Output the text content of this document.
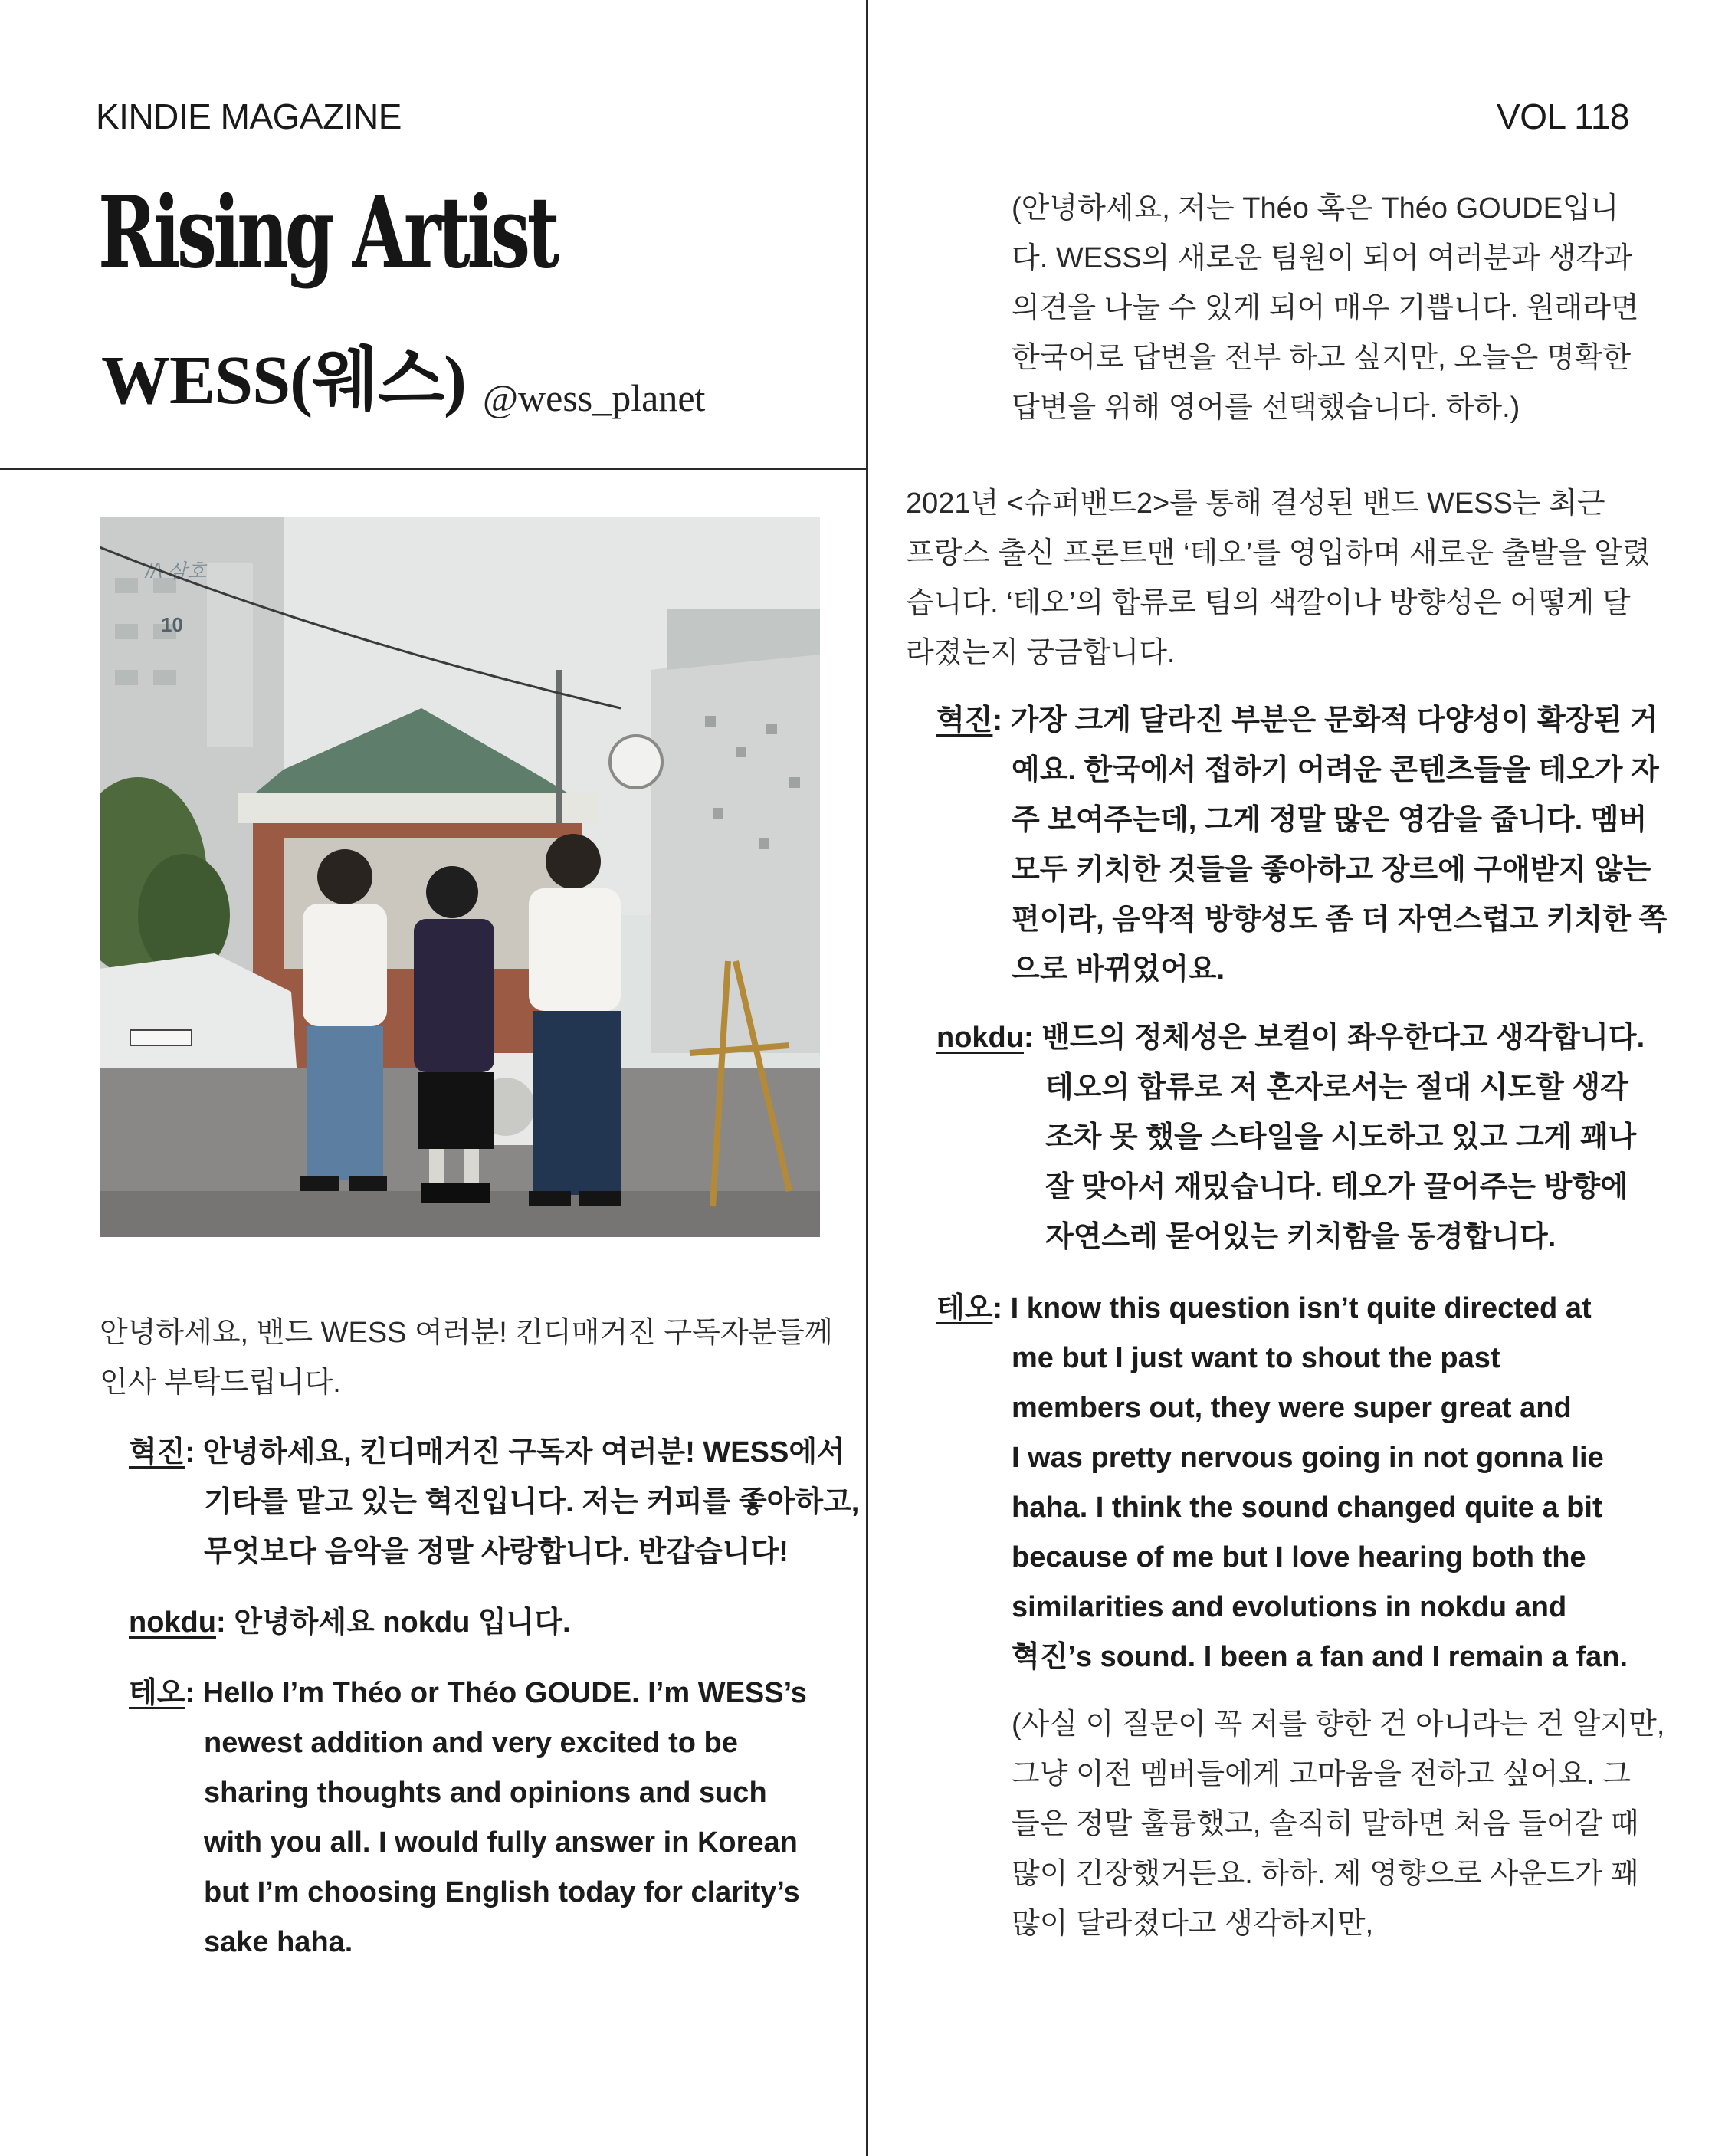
KINDIE MAGAZINE	VOL 118
Rising Artist
WESS(웨스) @wess_planet
//\ 삼호
10
안녕하세요, 밴드 WESS 여러분! 킨디매거진 구독자분들께
인사 부탁드립니다.
혁진: 안녕하세요, 킨디매거진 구독자 여러분! WESS에서
기타를 맡고 있는 혁진입니다. 저는 커피를 좋아하고,
무엇보다 음악을 정말 사랑합니다. 반갑습니다!
nokdu: 안녕하세요 nokdu 입니다.
테오: Hello I’m Théo or Théo GOUDE. I’m WESS’s
newest addition and very excited to be
sharing thoughts and opinions and such
with you all. I would fully answer in Korean
but I’m choosing English today for clarity’s
sake haha.
(안녕하세요, 저는 Théo 혹은 Théo GOUDE입니
다. WESS의 새로운 팀원이 되어 여러분과 생각과
의견을 나눌 수 있게 되어 매우 기쁩니다. 원래라면
한국어로 답변을 전부 하고 싶지만, 오늘은 명확한
답변을 위해 영어를 선택했습니다. 하하.)
2021년 <슈퍼밴드2>를 통해 결성된 밴드 WESS는 최근
프랑스 출신 프론트맨 ‘테오’를 영입하며 새로운 출발을 알렸
습니다. ‘테오’의 합류로 팀의 색깔이나 방향성은 어떻게 달
라졌는지 궁금합니다.
혁진: 가장 크게 달라진 부분은 문화적 다양성이 확장된 거
예요. 한국에서 접하기 어려운 콘텐츠들을 테오가 자
주 보여주는데, 그게 정말 많은 영감을 줍니다. 멤버
모두 키치한 것들을 좋아하고 장르에 구애받지 않는
편이라, 음악적 방향성도 좀 더 자연스럽고 키치한 쪽
으로 바뀌었어요.
nokdu: 밴드의 정체성은 보컬이 좌우한다고 생각합니다.
테오의 합류로 저 혼자로서는 절대 시도할 생각
조차 못 했을 스타일을 시도하고 있고 그게 꽤나
잘 맞아서 재밌습니다. 테오가 끌어주는 방향에
자연스레 묻어있는 키치함을 동경합니다.
테오: I know this question isn’t quite directed at
me but I just want to shout the past
members out, they were super great and
I was pretty nervous going in not gonna lie
haha. I think the sound changed quite a bit
because of me but I love hearing both the
similarities and evolutions in nokdu and
혁진’s sound. I been a fan and I remain a fan.
(사실 이 질문이 꼭 저를 향한 건 아니라는 건 알지만,
그냥 이전 멤버들에게 고마움을 전하고 싶어요. 그
들은 정말 훌륭했고, 솔직히 말하면 처음 들어갈 때
많이 긴장했거든요. 하하. 제 영향으로 사운드가 꽤
많이 달라졌다고 생각하지만,
